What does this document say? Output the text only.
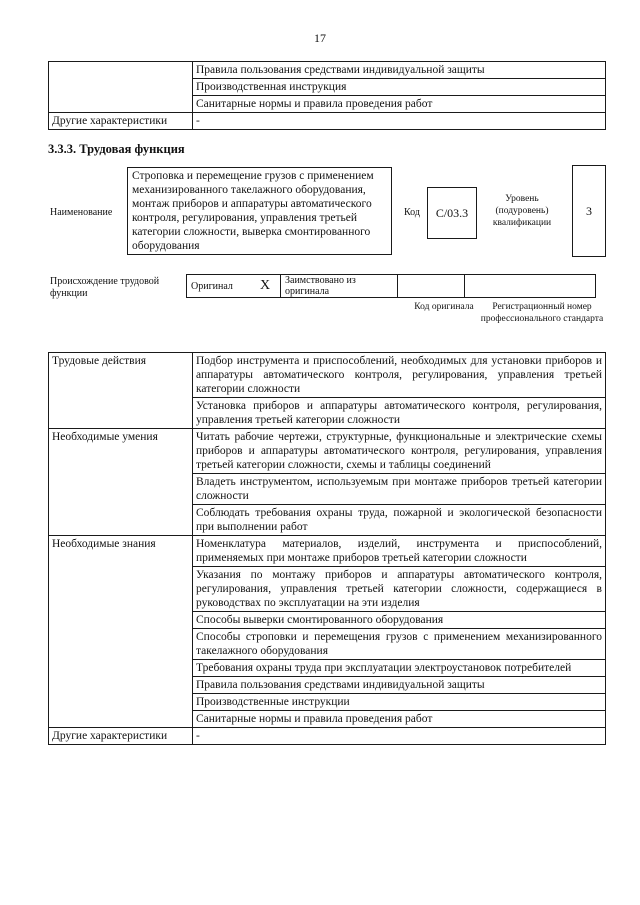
17
	Правила пользования средствами индивидуальной защиты
	Производственная инструкция
	Санитарные нормы и правила проведения работ
Другие характеристики	-
3.3.3. Трудовая функция
Наименование
Строповка и перемещение грузов с применением механизированного такелажного оборудования, монтаж приборов и аппаратуры автоматического контроля, регулирования, управления третьей категории сложности, выверка смонтированного оборудования
Код	С/03.3
Уровень (подуровень) квалификации
3
Происхождение трудовой функции
Оригинал	X	Заимствовано из оригинала		
Код оригинала	Регистрационный номер профессионального стандарта
Трудовые действия	Подбор инструмента и приспособлений, необходимых для установки приборов и аппаратуры автоматического контроля, регулирования, управления третьей категории сложности
	Установка приборов и аппаратуры автоматического контроля, регулирования, управления третьей категории сложности
Необходимые умения	Читать рабочие чертежи, структурные, функциональные и электрические схемы приборов и аппаратуры автоматического контроля, регулирования, управления третьей категории сложности, схемы и таблицы соединений
	Владеть инструментом, используемым при монтаже приборов третьей категории сложности
	Соблюдать требования охраны труда, пожарной и экологической безопасности при выполнении работ
Необходимые знания	Номенклатура материалов, изделий, инструмента и приспособлений, применяемых при монтаже приборов третьей категории сложности
	Указания по монтажу приборов и аппаратуры автоматического контроля, регулирования, управления третьей категории сложности, содержащиеся в руководствах по эксплуатации на эти изделия
	Способы выверки смонтированного оборудования
	Способы строповки и перемещения грузов с применением механизированного такелажного оборудования
	Требования охраны труда при эксплуатации электроустановок потребителей
	Правила пользования средствами индивидуальной защиты
	Производственные инструкции
	Санитарные нормы и правила проведения работ
Другие характеристики	-
